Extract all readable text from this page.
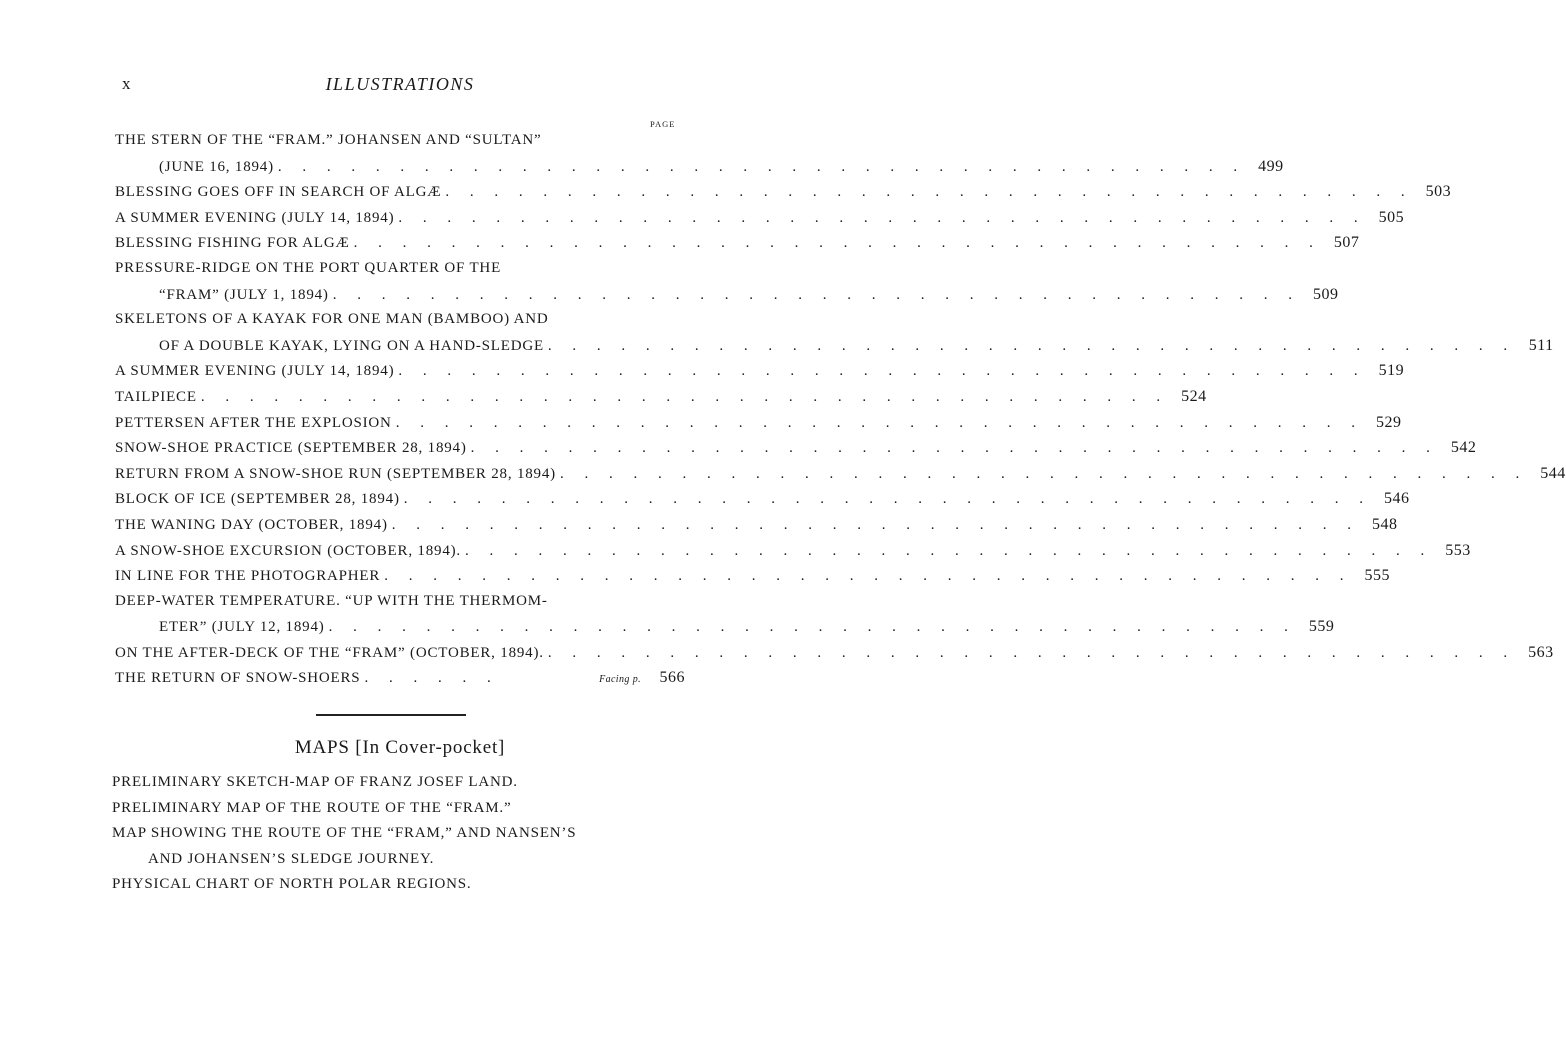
x	ILLUSTRATIONS
PAGE
THE STERN OF THE “FRAM.” JOHANSEN AND “SULTAN”
(JUNE 16, 1894) . . . . . . . . . . . . . . . . . . . . . . . . . . . . . . . . . . . . . . . . 499
BLESSING GOES OFF IN SEARCH OF ALGÆ . . . . . . . . . . . . . . . . . . . . . . . . . . . . . . . . . . . . . . . . 503
A SUMMER EVENING (JULY 14, 1894) . . . . . . . . . . . . . . . . . . . . . . . . . . . . . . . . . . . . . . . . 505
BLESSING FISHING FOR ALGÆ . . . . . . . . . . . . . . . . . . . . . . . . . . . . . . . . . . . . . . . . 507
PRESSURE-RIDGE ON THE PORT QUARTER OF THE
“FRAM” (JULY 1, 1894) . . . . . . . . . . . . . . . . . . . . . . . . . . . . . . . . . . . . . . . . 509
SKELETONS OF A KAYAK FOR ONE MAN (BAMBOO) AND
OF A DOUBLE KAYAK, LYING ON A HAND-SLEDGE . . . . . . . . . . . . . . . . . . . . . . . . . . . . . . . . . . . . . . . . 511
A SUMMER EVENING (JULY 14, 1894) . . . . . . . . . . . . . . . . . . . . . . . . . . . . . . . . . . . . . . . . 519
TAILPIECE . . . . . . . . . . . . . . . . . . . . . . . . . . . . . . . . . . . . . . . . 524
PETTERSEN AFTER THE EXPLOSION . . . . . . . . . . . . . . . . . . . . . . . . . . . . . . . . . . . . . . . . 529
SNOW-SHOE PRACTICE (SEPTEMBER 28, 1894) . . . . . . . . . . . . . . . . . . . . . . . . . . . . . . . . . . . . . . . . 542
RETURN FROM A SNOW-SHOE RUN (SEPTEMBER 28, 1894) . . . . . . . . . . . . . . . . . . . . . . . . . . . . . . . . . . . . . . . . 544
BLOCK OF ICE (SEPTEMBER 28, 1894) . . . . . . . . . . . . . . . . . . . . . . . . . . . . . . . . . . . . . . . . 546
THE WANING DAY (OCTOBER, 1894) . . . . . . . . . . . . . . . . . . . . . . . . . . . . . . . . . . . . . . . . 548
A SNOW-SHOE EXCURSION (OCTOBER, 1894). . . . . . . . . . . . . . . . . . . . . . . . . . . . . . . . . . . . . . . . . 553
IN LINE FOR THE PHOTOGRAPHER . . . . . . . . . . . . . . . . . . . . . . . . . . . . . . . . . . . . . . . . 555
DEEP-WATER TEMPERATURE. “UP WITH THE THERMOM-
ETER” (JULY 12, 1894) . . . . . . . . . . . . . . . . . . . . . . . . . . . . . . . . . . . . . . . . 559
ON THE AFTER-DECK OF THE “FRAM” (OCTOBER, 1894). . . . . . . . . . . . . . . . . . . . . . . . . . . . . . . . . . . . . . . . . 563
THE RETURN OF SNOW-SHOERS . . . . . .	Facing p.	566
MAPS [In Cover-pocket]
PRELIMINARY SKETCH-MAP OF FRANZ JOSEF LAND.
PRELIMINARY MAP OF THE ROUTE OF THE “FRAM.”
MAP SHOWING THE ROUTE OF THE “FRAM,” AND NANSEN’S
AND JOHANSEN’S SLEDGE JOURNEY.
PHYSICAL CHART OF NORTH POLAR REGIONS.
